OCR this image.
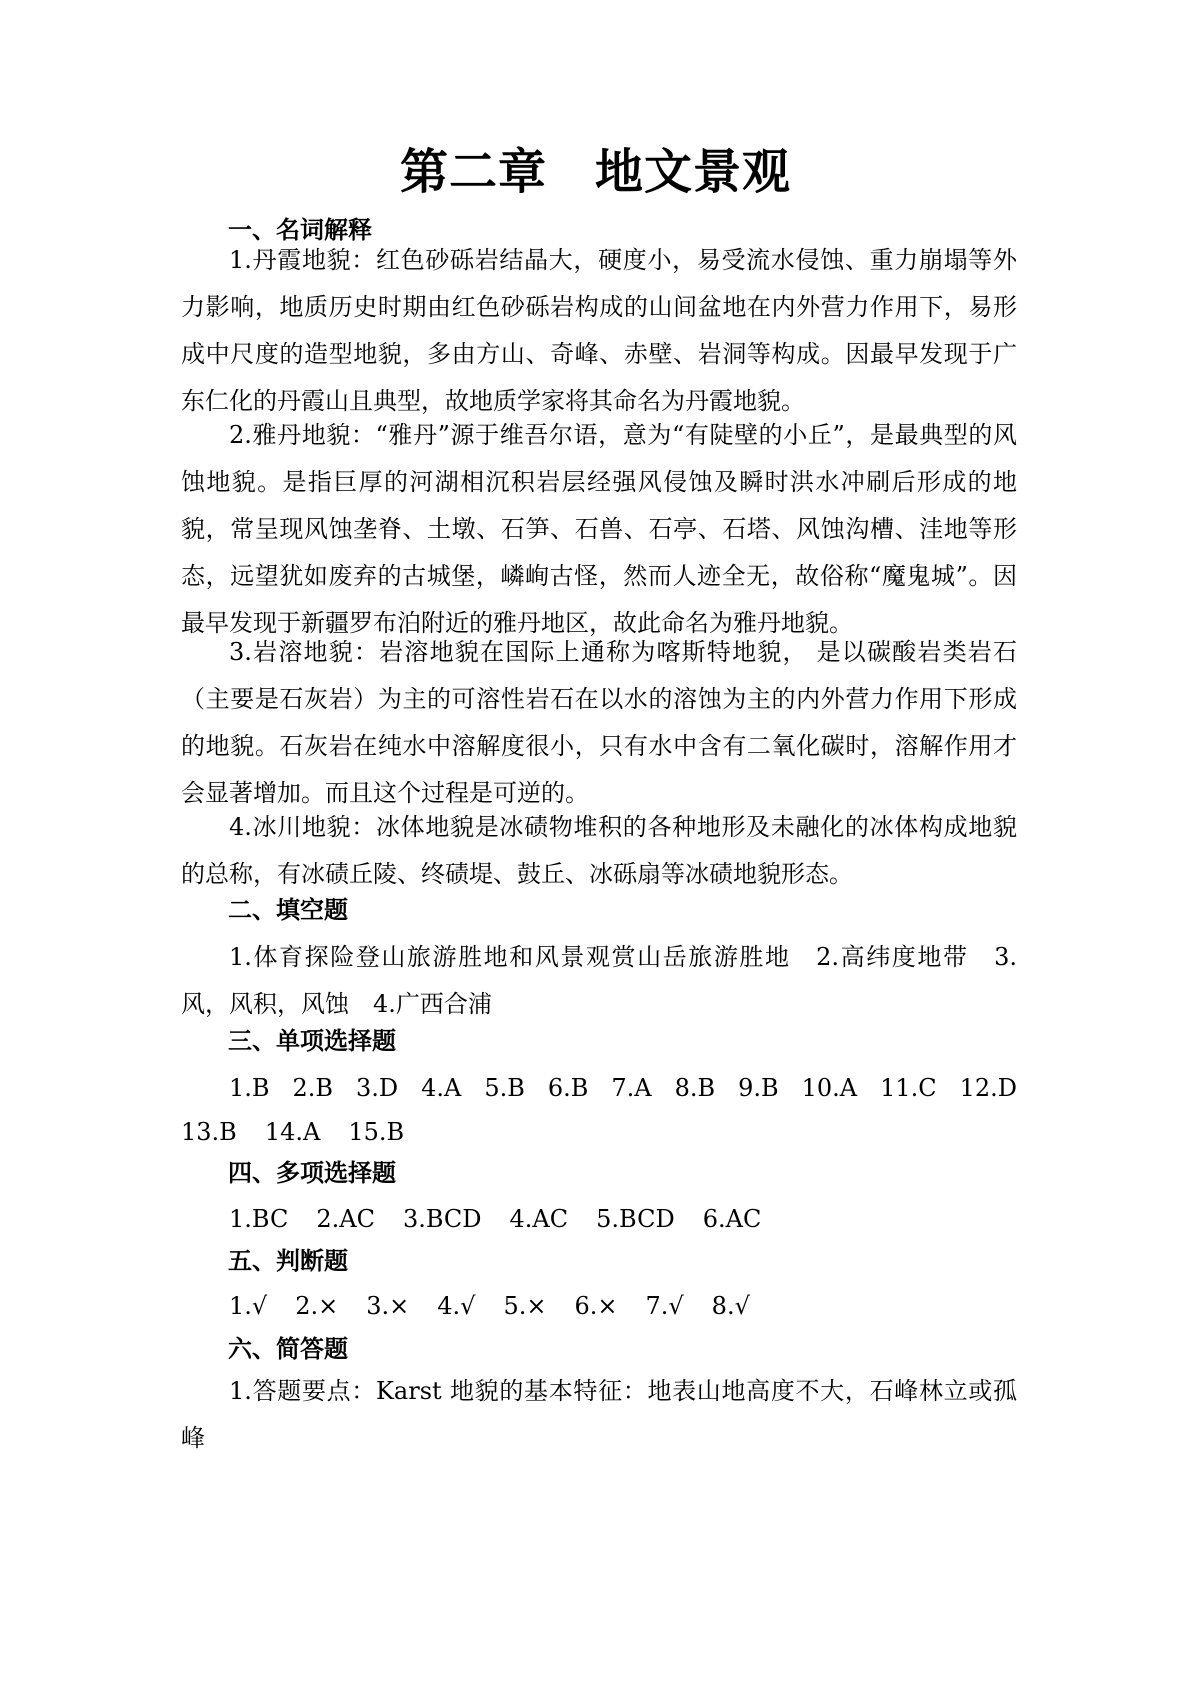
第二章 地文景观
一、名词解释

1.丹霞地貌：红色砂砾岩结晶大，硬度小，易受流水侵蚀、重力崩塌等外力影响，地质历史时期由红色砂砾岩构成的山间盆地在内外营力作用下，易形成中尺度的造型地貌，多由方山、奇峰、赤壁、岩洞等构成。因最早发现于广东仁化的丹霞山且典型，故地质学家将其命名为丹霞地貌。

2.雅丹地貌：“雅丹”源于维吾尔语，意为“有陡壁的小丘”，是最典型的风蚀地貌。是指巨厚的河湖相沉积岩层经强风侵蚀及瞬时洪水冲刷后形成的地貌，常呈现风蚀垄脊、土墩、石笋、石兽、石亭、石塔、风蚀沟槽、洼地等形态，远望犹如废弃的古城堡，嶙峋古怪，然而人迹全无，故俗称“魔鬼城”。因最早发现于新疆罗布泊附近的雅丹地区，故此命名为雅丹地貌。

3.岩溶地貌：岩溶地貌在国际上通称为喀斯特地貌， 是以碳酸岩类岩石（主要是石灰岩）为主的可溶性岩石在以水的溶蚀为主的内外营力作用下形成的地貌。石灰岩在纯水中溶解度很小，只有水中含有二氧化碳时，溶解作用才会显著增加。而且这个过程是可逆的。

4.冰川地貌：冰体地貌是冰碛物堆积的各种地形及未融化的冰体构成地貌的总称，有冰碛丘陵、终碛堤、鼓丘、冰砾扇等冰碛地貌形态。

二、填空题

1.体育探险登山旅游胜地和风景观赏山岳旅游胜地　2.高纬度地带　3.风，风积，风蚀　4.广西合浦

三、单项选择题
1.B 2.B 3.D 4.A 5.B 6.B 7.A 8.B 9.B 10.A 11.C 12.D
13.B 14.A 15.B
四、多项选择题
1.BC 2.AC 3.BCD 4.AC 5.BCD 6.AC
五、判断题
1.√ 2.× 3.× 4.√ 5.× 6.× 7.√ 8.√
六、简答题

1.答题要点：Karst 地貌的基本特征：地表山地高度不大，石峰林立或孤峰
